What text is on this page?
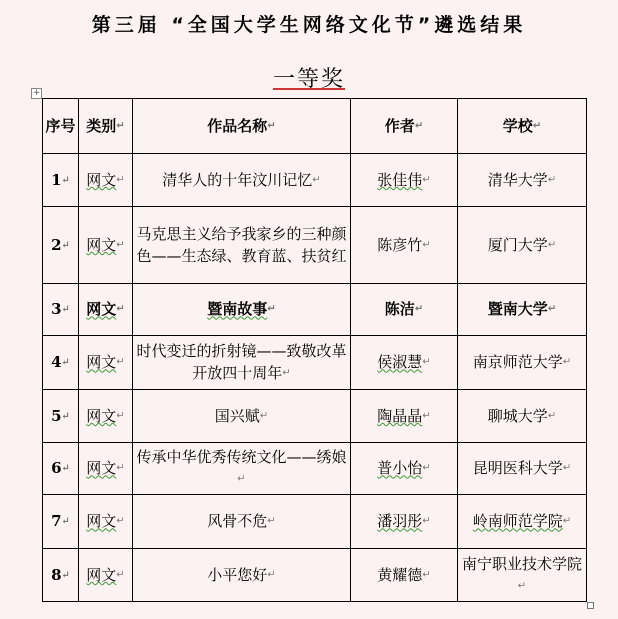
第三届 “全国大学生网络文化节”遴选结果
一等奖
+
序号	类别↵	作品名称↵	作者↵	学校↵
1↵	网文↵	清华人的十年汶川记忆↵	张佳伟↵	清华大学↵
2↵	网文↵	马克思主义给予我家乡的三种颜色——生态绿、教育蓝、扶贫红	陈彦竹↵	厦门大学↵
3↵	网文↵	暨南故事↵	陈洁↵	暨南大学↵
4↵	网文↵	时代变迁的折射镜——致敬改革开放四十周年↵	侯淑慧↵	南京师范大学↵
5↵	网文↵	国兴赋↵	陶晶晶↵	聊城大学↵
6↵	网文↵	传承中华优秀传统文化——绣娘↵	普小怡↵	昆明医科大学↵
7↵	网文↵	风骨不危↵	潘羽彤↵	岭南师范学院↵
8↵	网文↵	小平您好↵	黄耀德↵	南宁职业技术学院↵
